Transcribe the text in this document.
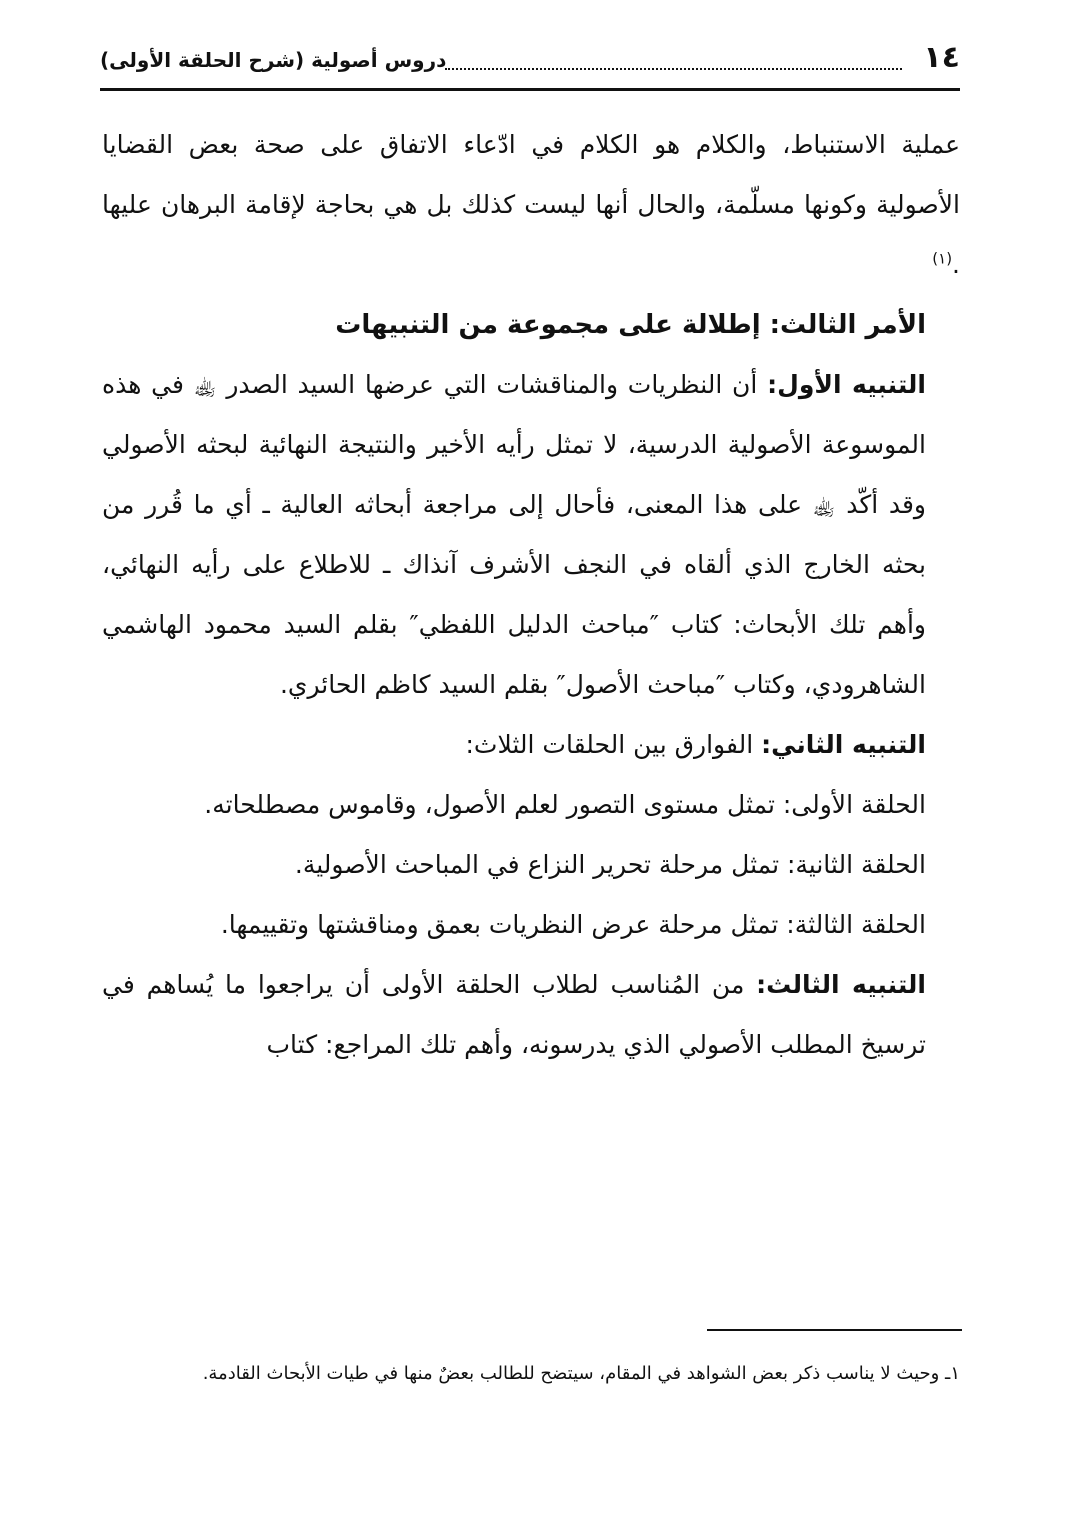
١٤
دروس أصولية (شرح الحلقة الأولى)

عملية الاستنباط، والكلام هو الكلام في ادّعاء الاتفاق على صحة بعض القضايا الأصولية وكونها مسلّمة، والحال أنها ليست كذلك بل هي بحاجة لإقامة البرهان عليها .$^{(١)}$

الأمر الثالث: إطلالة على مجموعة من التنبيهات

التنبيه الأول: أن النظريات والمناقشات التي عرضها السيد الصدر ﵀ في هذه الموسوعة الأصولية الدرسية، لا تمثل رأيه الأخير والنتيجة النهائية لبحثه الأصولي وقد أكّد ﵀ على هذا المعنى، فأحال إلى مراجعة أبحاثه العالية ـ أي ما قُرر من بحثه الخارج الذي ألقاه في النجف الأشرف آنذاك ـ للاطلاع على رأيه النهائي، وأهم تلك الأبحاث: كتاب ″مباحث الدليل اللفظي″ بقلم السيد محمود الهاشمي الشاهرودي، وكتاب ″مباحث الأصول″ بقلم السيد كاظم الحائري.

التنبيه الثاني: الفوارق بين الحلقات الثلاث:

الحلقة الأولى: تمثل مستوى التصور لعلم الأصول، وقاموس مصطلحاته.

الحلقة الثانية: تمثل مرحلة تحرير النزاع في المباحث الأصولية.

الحلقة الثالثة: تمثل مرحلة عرض النظريات بعمق ومناقشتها وتقييمها.

التنبيه الثالث: من المُناسب لطلاب الحلقة الأولى أن يراجعوا ما يُساهم في ترسيخ المطلب الأصولي الذي يدرسونه، وأهم تلك المراجع: كتاب

١ـ وحيث لا يناسب ذكر بعض الشواهد في المقام، سيتضح للطالب بعضٌ منها في طيات الأبحاث القادمة.
